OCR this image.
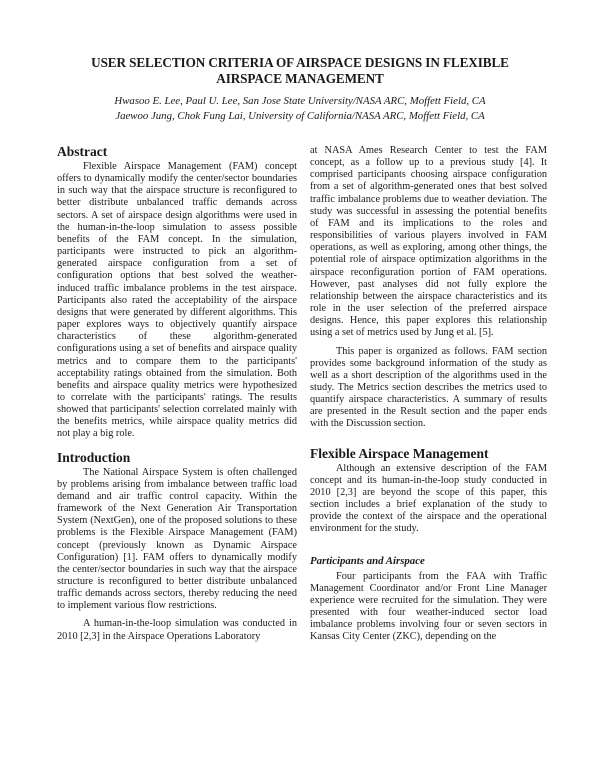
USER SELECTION CRITERIA OF AIRSPACE DESIGNS IN FLEXIBLE
AIRSPACE MANAGEMENT
Hwasoo E. Lee, Paul U. Lee, San Jose State University/NASA ARC, Moffett Field, CA
Jaewoo Jung, Chok Fung Lai, University of California/NASA ARC, Moffett Field, CA
Abstract

Flexible Airspace Management (FAM) concept offers to dynamically modify the center/sector boundaries in such way that the airspace structure is reconfigured to better distribute unbalanced traffic demands across sectors. A set of airspace design algorithms were used in the human-in-the-loop simulation to assess possible benefits of the FAM concept. In the simulation, participants were instructed to pick an algorithm-generated airspace configuration from a set of configuration options that best solved the weather-induced traffic imbalance problems in the test airspace. Participants also rated the acceptability of the airspace designs that were generated by different algorithms. This paper explores ways to objectively quantify airspace characteristics of these algorithm-generated configurations using a set of benefits and airspace quality metrics and to compare them to the participants' acceptability ratings obtained from the simulation. Both benefits and airspace quality metrics were hypothesized to correlate with the participants' ratings. The results showed that participants' selection correlated mainly with the benefits metrics, while airspace quality metrics did not play a big role.

Introduction

The National Airspace System is often challenged by problems arising from imbalance between traffic load demand and air traffic control capacity. Within the framework of the Next Generation Air Transportation System (NextGen), one of the proposed solutions to these problems is the Flexible Airspace Management (FAM) concept (previously known as Dynamic Airspace Configuration) [1]. FAM offers to dynamically modify the center/sector boundaries in such way that the airspace structure is reconfigured to better distribute unbalanced traffic demands across sectors, thereby reducing the need to implement various flow restrictions.

A human-in-the-loop simulation was conducted in 2010 [2,3] in the Airspace Operations Laboratory

at NASA Ames Research Center to test the FAM concept, as a follow up to a previous study [4]. It comprised participants choosing airspace configuration from a set of algorithm-generated ones that best solved traffic imbalance problems due to weather deviation. The study was successful in assessing the potential benefits of FAM and its implications to the roles and responsibilities of various players involved in FAM operations, as well as exploring, among other things, the potential role of airspace optimization algorithms in the airspace reconfiguration portion of FAM operations. However, past analyses did not fully explore the relationship between the airspace characteristics and its role in the user selection of the preferred airspace designs. Hence, this paper explores this relationship using a set of metrics used by Jung et al. [5].

This paper is organized as follows. FAM section provides some background information of the study as well as a short description of the algorithms used in the study. The Metrics section describes the metrics used to quantify airspace characteristics. A summary of results are presented in the Result section and the paper ends with the Discussion section.

Flexible Airspace Management

Although an extensive description of the FAM concept and its human-in-the-loop study conducted in 2010 [2,3] are beyond the scope of this paper, this section includes a brief explanation of the study to provide the context of the airspace and the operational environment for the study.

Participants and Airspace

Four participants from the FAA with Traffic Management Coordinator and/or Front Line Manager experience were recruited for the simulation. They were presented with four weather-induced sector load imbalance problems involving four or seven sectors in Kansas City Center (ZKC), depending on the
